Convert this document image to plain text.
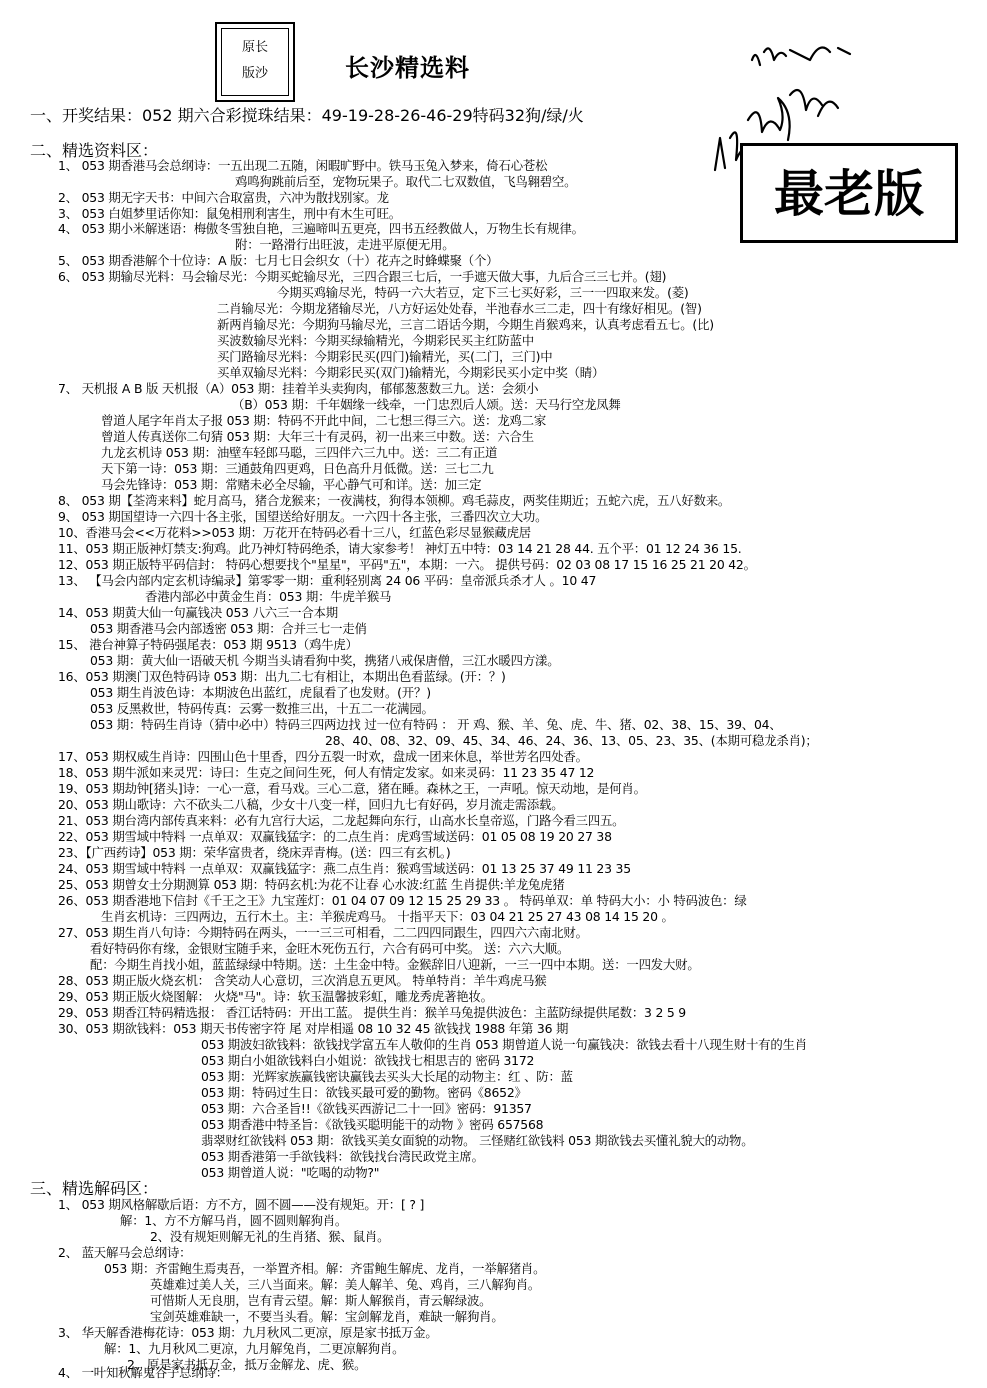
原长
版沙	长沙精选料
最老版
一、开奖结果：052 期六合彩搅珠结果：49-19-28-26-46-29特码32狗/绿/火
二、精选资料区：
三、精选解码区：
1、 053 期香港马会总纲诗：一五出现二五随，闲暇旷野中。铁马玉兔入梦来，倚石心苍松
鸡鸣狗跳前后至，宠物玩果子。取代二七双数值，飞鸟翱碧空。
2、 053 期无字天书：中间六合取富贵，六冲为散找别家。龙
3、 053 白姐梦里话你知：鼠兔相刑利害生，刑中有木生可旺。
4、 053 期小米解迷语：梅傲冬雪独自艳，三遍啼叫五更亮，四书五经教做人，万物生长有规律。
附：一路滑行出旺波，走进平原便无用。
5、 053 期香港解个十位诗：A 版：七月七日会织女（十）花卉之时蜂蝶聚（个）
6、 053 期输尽光料：马会输尽光：今期买蛇输尽光，三四合跟三七后，一手遮天做大事，九后合三三七并。(翅)
今期买鸡输尽光，特码一六大若豆，定下三七买好彩，三一一四取来发。(菱)
二肖输尽光：今期龙猪输尽光，八方好运处处春，半池春水三二走，四十有缘好相见。(智)
新两肖输尽光：今期狗马输尽光，三言二语话今期，今期生肖猴鸡来，认真考虑看五七。(比)
买波数输尽光料：今期买绿输精光，今期彩民买主红防蓝中
买门路输尽光料：今期彩民买(四门)输精光，买(二门，三门)中
买单双输尽光料：今期彩民买(双门)输精光，今期彩民买小定中奖（睛）
7、 天机报 A B 版 天机报（A）053 期：挂着羊头卖狗肉，郁郁葱葱数三九。送：会须小
（B）053 期：千年姻缘一线牵，一门忠烈后人颂。送：天马行空龙凤舞
曾道人尾字年肖太子报 053 期：特码不开此中间，二七想三得三六。送：龙鸡二家
曾道人传真送你二句猜 053 期：大年三十有灵码，初一出来三中数。送：六合生
九龙玄机诗 053 期：油壁车轻郎马聪，三四伴六三九中。送：三二有正道
天下第一诗：053 期：三通鼓角四更鸡，日色高升月低微。送：三七二九
马会先锋诗：053 期：常赌未必全尽输，平心静气可和详。送：加三定
8、 053 期【荃湾来料】蛇月高马，猪合龙猴来；一夜满枝，狗得本领柳。鸡毛蒜皮，两奖佳期近；五蛇六虎，五八好数来。
9、 053 期国望诗一六四十各主张，国望送给好朋友。一六四十各主张，三番四次立大功。
10、香港马会<<万花料>>053 期：万花开在特码必看十三八，红蓝色彩尽显猴藏虎居
11、053 期正版神灯禁支:狗鸡。此乃神灯特码绝杀，请大家参考！ 神灯五中特：03 14 21 28 44. 五个平：01 12 24 36 15.
12、053 期正版特平码信封： 特码心想要找个"星星"，平码"五"，本期：一六。 提供号码：02 03 08 17 15 16 25 21 20 42。
13、 【马会内部内定玄机诗编录】第零零一期：重利轻别离 24 06 平码：皇帝派兵杀才人 。10 47
香港内部必中黄金生肖：053 期：牛虎羊猴马
14、053 期黄大仙一句赢钱决 053 八六三一合本期
053 期香港马会内部透密 053 期：合并三七一走俏
15、 港台神算子特码强尾表：053 期 9513（鸡牛虎）
053 期：黄大仙一语破天机 今期当头请看狗中奖，携猪八戒保唐僧，三江水暖四方漾。
16、053 期澳门双色特码诗 053 期：出九二七有相让，本期出色看蓝绿。(开：？)
053 期生肖波色诗：本期波色出蓝红，虎鼠看了也发财。(开？)
053 反黑救世，特码传真：云雾一数推三出，十五二一花满园。
053 期：特码生肖诗（猜中必中）特码三四两边找 过一位有特码 ： 开 鸡、猴、羊、兔、虎、牛、猪、02、38、15、39、04、
28、40、08、32、09、45、34、46、24、36、13、05、23、35、(本期可稳龙杀肖)；
17、053 期权威生肖诗：四围山色十里香，四分五裂一时欢，盘成一团来休息，举世芳名四处香。
18、053 期牛派如来灵咒：诗曰：生克之间问生死，何人有情定发家。如来灵码：11 23 35 47 12
19、053 期劫钟[猪头]诗：一心一意，看马戏。三心二意，猪在睡。森林之王，一声吼。惊天动地，是何肖。
20、053 期山歌诗：六不砍头二八稿，少女十八变一样，回归九七有好码，岁月流走需添载。
21、053 期台湾内部传真来料：必有九宫行大运，二龙起舞向东行，山高水长皇帝巡，门路今看三四五。
22、053 期雪域中特料 一点单双：双赢钱猛字：的二点生肖：虎鸡雪域送码：01 05 08 19 20 27 38
23、【广西药诗】053 期：荣华富贵者，绕床弄青梅。(送：四三有玄机。)
24、053 期雪域中特料 一点单双：双赢钱猛字：燕二点生肖：猴鸡雪域送码：01 13 25 37 49 11 23 35
25、053 期曾女士分期测算 053 期：特码玄机:为花不让春 心水波:红蓝 生肖提供:羊龙兔虎猪
26、053 期香港地下信封《千王之王》九宝莲灯：01 04 07 09 12 15 25 29 33 。 特码单双：单 特码大小：小 特码波色：绿
生肖玄机诗：三四两边，五行木土。主：羊猴虎鸡马。 十指平天下：03 04 21 25 27 43 08 14 15 20 。
27、053 期生肖八句诗：今期特码在两头，一一三三可相看，二二四四同跟生，四四六六南北财。
看好特码你有缘，金银财宝随手来，金旺木死伤五行，六合有码可中奖。 送：六六大顺。
配：今期生肖找小姐，蓝蓝绿绿中特期。送：土生金中特。金猴辞旧八迎新，一三一四中本期。送：一四发大财。
28、053 期正版火烧玄机： 含笑动人心意切，三次消息五更风。 特单特肖：羊牛鸡虎马猴
29、053 期正版火烧图解： 火烧"马"。诗：软玉温馨披彩虹，雕龙秀虎著艳妆。
29、053 期香江特码精选报： 香江话特码：开出工蓝。 提供生肖：猴羊马兔提供波色：主蓝防绿提供尾数：3 2 5 9
30、053 期欲钱料：053 期天书传密字符 尾 对岸相遥 08 10 32 45 欲钱找 1988 年第 36 期
053 期波妇欲钱料：欲钱找学富五车人敬仰的生肖 053 期曾道人说一句赢钱决：欲钱去看十八现生财十有的生肖
053 期白小姐欲钱料白小姐说：欲钱找七相思吉的 密码 3172
053 期：光辉家族赢钱密诀赢钱去买头大长尾的动物主：红 、防：蓝
053 期：特码过生日：欲钱买最可爱的勤物。密码《8652》
053 期：六合圣旨!!《欲钱买西游记二十一回》密码：91357
053 期香港中特圣旨：《欲钱买聪明能干的动物 》密码 657568
翡翠财红欲钱料 053 期：欲钱买美女面貌的动物。 三怪赌红欲钱料 053 期欲钱去买懂礼貌大的动物。
053 期香港第一手欲钱料：欲钱找台湾民政党主席。
053 期曾道人说："吃喝的动物?"
1、 053 期风格解歇后语：方不方，圆不圆——没有规矩。开：[ ? ]
解：1、方不方解马肖，圆不圆则解狗肖。
2、没有规矩则解无礼的生肖猪、猴、鼠肖。
2、 蓝天解马会总纲诗：
053 期：齐雷鲍生焉夷吾，一举置齐相。解：齐雷鲍生解虎、龙肖，一举解猪肖。
英雄难过美人关，三八当面来。解：美人解羊、兔、鸡肖，三八解狗肖。
可惜斯人无良朋，岂有青云望。解：斯人解猴肖，青云解绿波。
宝剑英雄难缺一，不要当头看。解：宝剑解龙肖，难缺一解狗肖。
3、 华天解香港梅花诗：053 期：九月秋风二更凉，原是家书抵万金。
解：1、九月秋风二更凉，九月解兔肖，二更凉解狗肖。
2、原是家书抵万金，抵万金解龙、虎、猴。
4、 一叶知秋解鬼谷子总纲诗：
